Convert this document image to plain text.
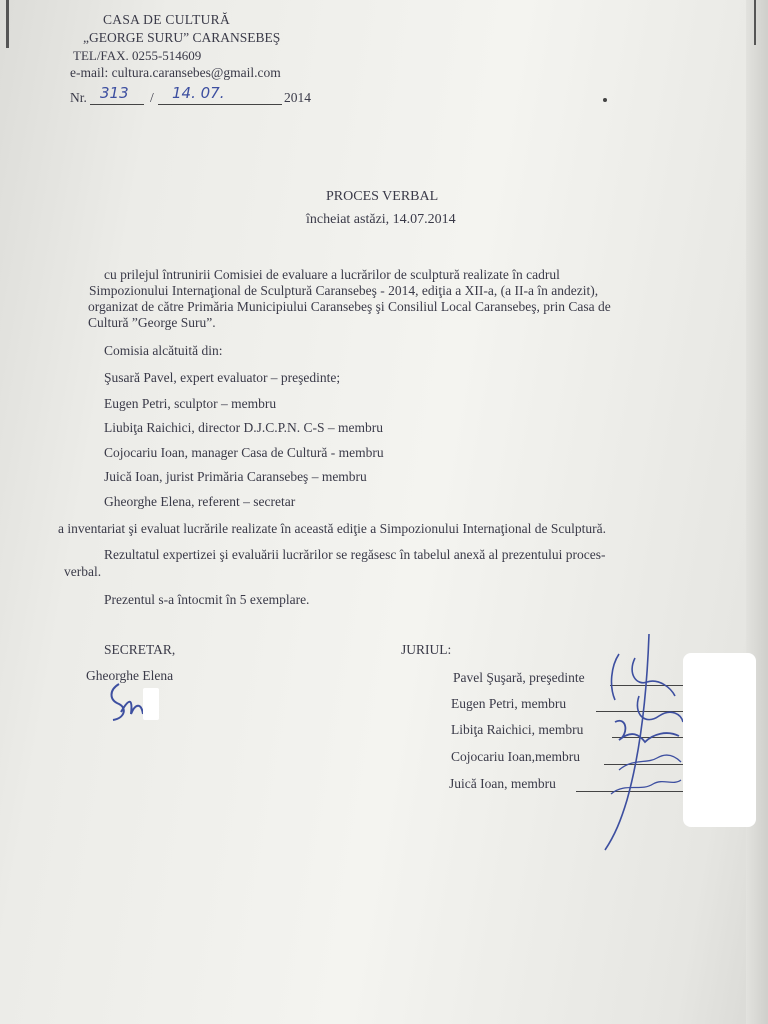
CASA DE CULTURĂ
„GEORGE SURU” CARANSEBEŞ
TEL/FAX. 0255-514609
e-mail: cultura.caransebes@gmail.com
Nr. 313 / 14. 07.	2014
PROCES VERBAL
încheiat astăzi, 14.07.2014
cu prilejul întrunirii Comisiei de evaluare a lucrărilor de sculptură realizate în cadrul
Simpozionului Internaţional de Sculptură Caransebeş - 2014, ediţia a XII-a, (a II-a în andezit),
organizat de către Primăria Municipiului Caransebeş şi Consiliul Local Caransebeş, prin Casa de
Cultură ”George Suru”.
Comisia alcătuită din:
Şusară Pavel, expert evaluator – preşedinte;
Eugen Petri, sculptor – membru
Liubiţa Raichici, director D.J.C.P.N. C-S – membru
Cojocariu Ioan, manager Casa de Cultură - membru
Juică Ioan, jurist Primăria Caransebeş – membru
Gheorghe Elena, referent – secretar
a inventariat şi evaluat lucrările realizate în această ediţie a Simpozionului Internaţional de Sculptură.
Rezultatul expertizei şi evaluării lucrărilor se regăsesc în tabelul anexă al prezentului proces-
verbal.
Prezentul s-a întocmit în 5 exemplare.
SECRETAR,
Gheorghe Elena
JURIUL:
Pavel Şuşară, preşedinte
Eugen Petri, membru
Libiţa Raichici, membru
Cojocariu Ioan,membru
Juică Ioan, membru
